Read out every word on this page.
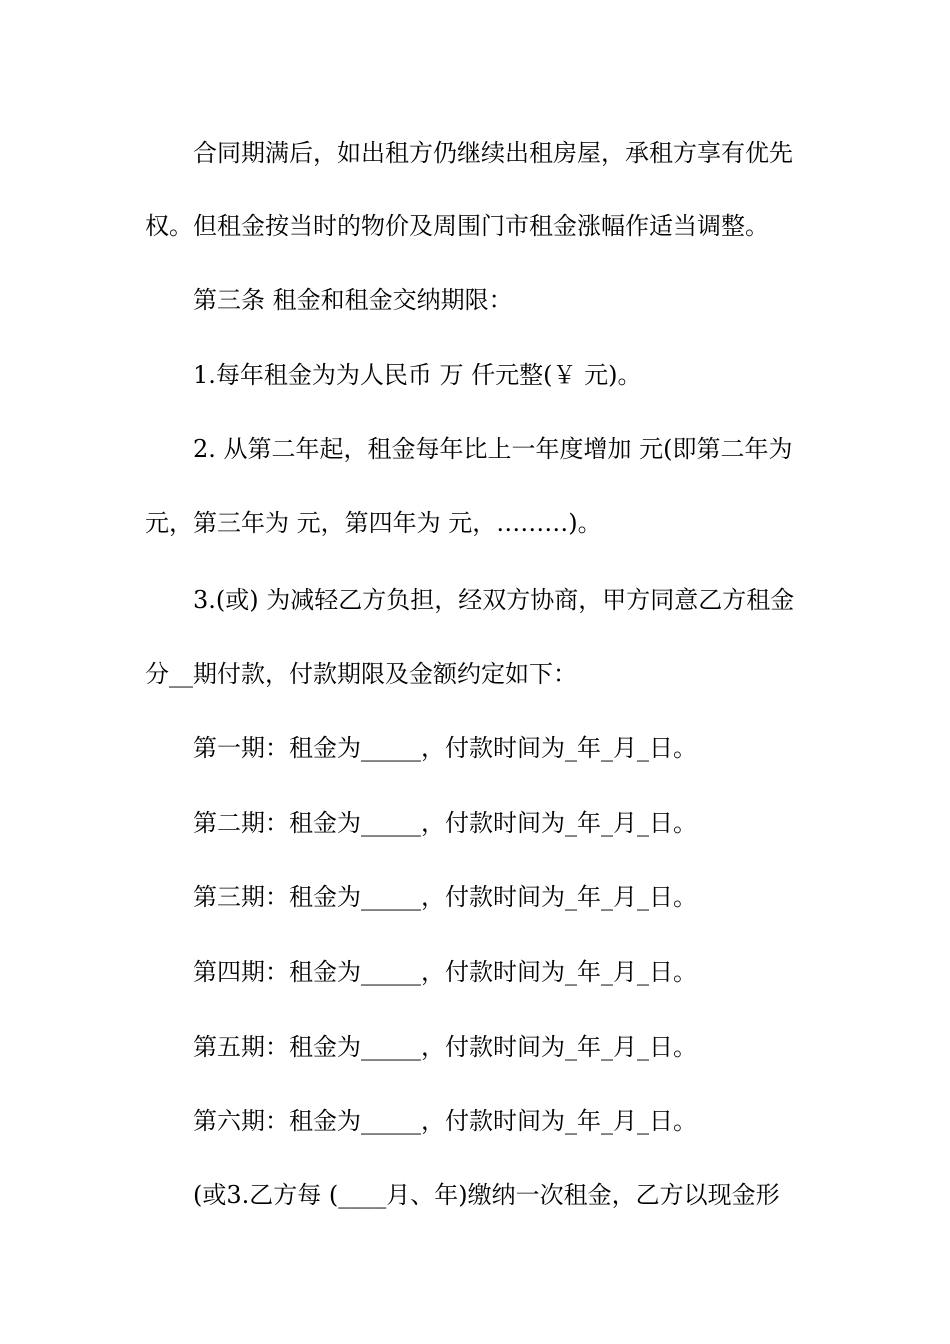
合同期满后，如出租方仍继续出租房屋，承租方享有优先
权。但租金按当时的物价及周围门市租金涨幅作适当调整。
第三条 租金和租金交纳期限：
1.每年租金为为人民币 万 仟元整(￥ 元)。
2. 从第二年起，租金每年比上一年度增加 元(即第二年为
元，第三年为 元，第四年为 元，………)。
3.(或) 为减轻乙方负担，经双方协商，甲方同意乙方租金
分__期付款，付款期限及金额约定如下：
第一期：租金为_____，付款时间为_年_月_日。
第二期：租金为_____，付款时间为_年_月_日。
第三期：租金为_____，付款时间为_年_月_日。
第四期：租金为_____，付款时间为_年_月_日。
第五期：租金为_____，付款时间为_年_月_日。
第六期：租金为_____，付款时间为_年_月_日。
(或3.乙方每 (____月、年)缴纳一次租金，乙方以现金形
